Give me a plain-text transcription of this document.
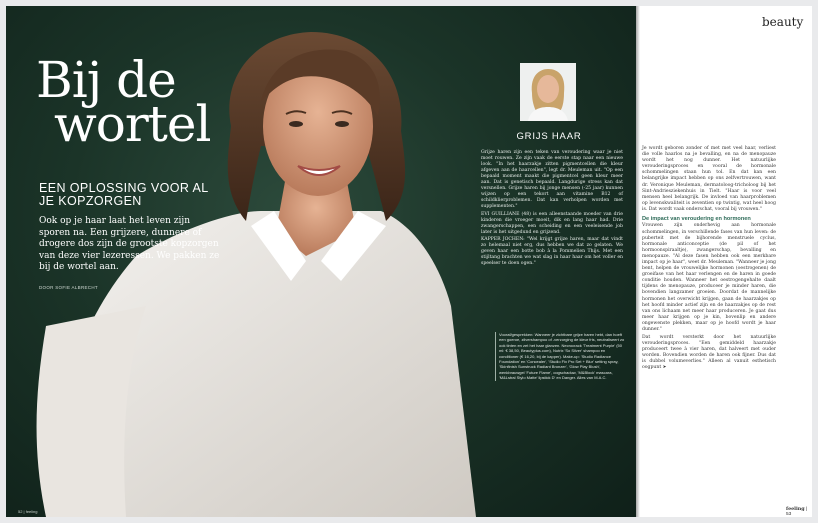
Bij de
wortel
EEN OPLOSSING VOOR AL JE KOPZORGEN
Ook op je haar laat het leven zijn sporen na. Een grijzere, dunnere of drogere dos zijn de grootste kopzorgen van deze vier lezeressen. We pakken ze bij de wortel aan.
DOOR SOFIE ALBRECHT
52 | feeling
GRIJS HAAR

Grijze haren zijn een teken van veroudering waar je niet moet rouwen. Ze zijn vaak de eerste stap naar een nieuwe look. "In het haarzakje zitten pigmentcellen die kleur afgeven aan de haarcellen", legt dr. Meuleman uit. "Op een bepaald moment maakt die pigmentcel geen kleur meer aan. Dat is genetisch bepaald. Langdurige stress kan dat versnellen. Grijze haren bij jonge mensen (-25 jaar) kunnen wijzen op een tekort aan vitamine B12 of schildklierproblemen. Dat kan verholpen worden met supplementen."

EVI GUILLIANE (48) is een alleenstaande moeder van drie kinderen die vroeger moeit, dik en lang haar had. Drie zwangerschappen, een scheiding en een veeleisende job later is het uitgedund en grijzend.

KAPPER JOCHEN: "Wel krijgt grijze haren, maar dat vindt zo helemaal niet erg, dus hebben we dat zo gelaten. We geven haar een botte bob à la Pommelien Thijs. Met een stijltang brachten we wat slag in haar haar om het voller en speelser te doen ogen."

Vooraf/gesprekken: Wanneer je zichtbare grijze haren hebt, dan hoeft een goeroe, zilvershampoo of -verzorging de kleur fris, neutraliseert zo ook tinten en zet het haar glanzen. Necrocrack 'Treatment Purple' (50 ml: € 38,50, Beautyplus.com), Nutrix 'So Silver' shampoo en conditioner (€ 16,20, bij de kapper). Make-up: 'Studio Radiance Foundation' en 'Concealer', 'Studio Fix Pro Set + Blur' setting spray, 'Skinfinish Sunstruck Radiant Bronzer', 'Glow Play Blush', wenkbrauwgel 'Future Flame', oogschaduw, 'M&Block' mascara, 'M&Lstral Stylo Matte' lipstick D' en Danger. Alles van M.A.C.
beauty

Je wordt geboren zonder of met met veel haar, verliest die volle haarlos na je bevalling, en na de menopauze wordt het nog dunner. Het natuurlijke verouderingsproces en vooral de hormonale schommelingen staan hun tol. En dat kan een belangrijke impact hebben op ons zelfvertrouwen, want dr. Veronique Meuleman, dermatoloog-tricholoog bij het Sint-Andriesziekenhuis in Tielt. "Haar is voor veel mensen heel belangrijk. De invloed van haarproblemen op levenskwaliteit is zeventien op twintig, wat heel hoog is. Dat wordt vaak onderschat, vooral bij vrouwen."

De impact van veroudering en hormonen

Vrouwen zijn onderhevig aan hormonale schommelingen, in verschillende fases van hun leven: de puberteit met de bijhorende menstruele cyclus, hormonale anticonceptie (de pil of het hormoonspiraaltje), zwangerschap, bevalling en menopauze. "Al deze fasen hebben ook een merkbare impact op je haar", weet dr. Meuleman. "Wanneer je jong bent, helpen de vrouwelijke hormonen (oestrogenen) de groeifase van het haar verlengen en de haren in goede conditie houden. Wanneer het oestrogengehalte daalt tijdens de menopauze, produceer je minder haren, die bovendien langzamer groeien. Doordat de mannelijke hormonen het overwicht krijgen, gaan de haarzakjes op het hoofd minder actief zijn en de haarzakjes op de rest van ons lichaam net meer haar produceren. Je gaat dus meer haar krijgen op je kin, bovenlip en andere ongewenste plekken, maar op je hoofd wordt je haar dunner."

Dat wordt versterkt door het natuurlijke verouderingsproces. "Een gemiddeld haarzakje produceert twee à vier haren, dat halveert met ouder worden. Bovendien worden de haren ook fijner. Dus dat is dubbel volumeverlies." Alleen al vanuit esthetisch oogpunt ➤

feeling | 53
